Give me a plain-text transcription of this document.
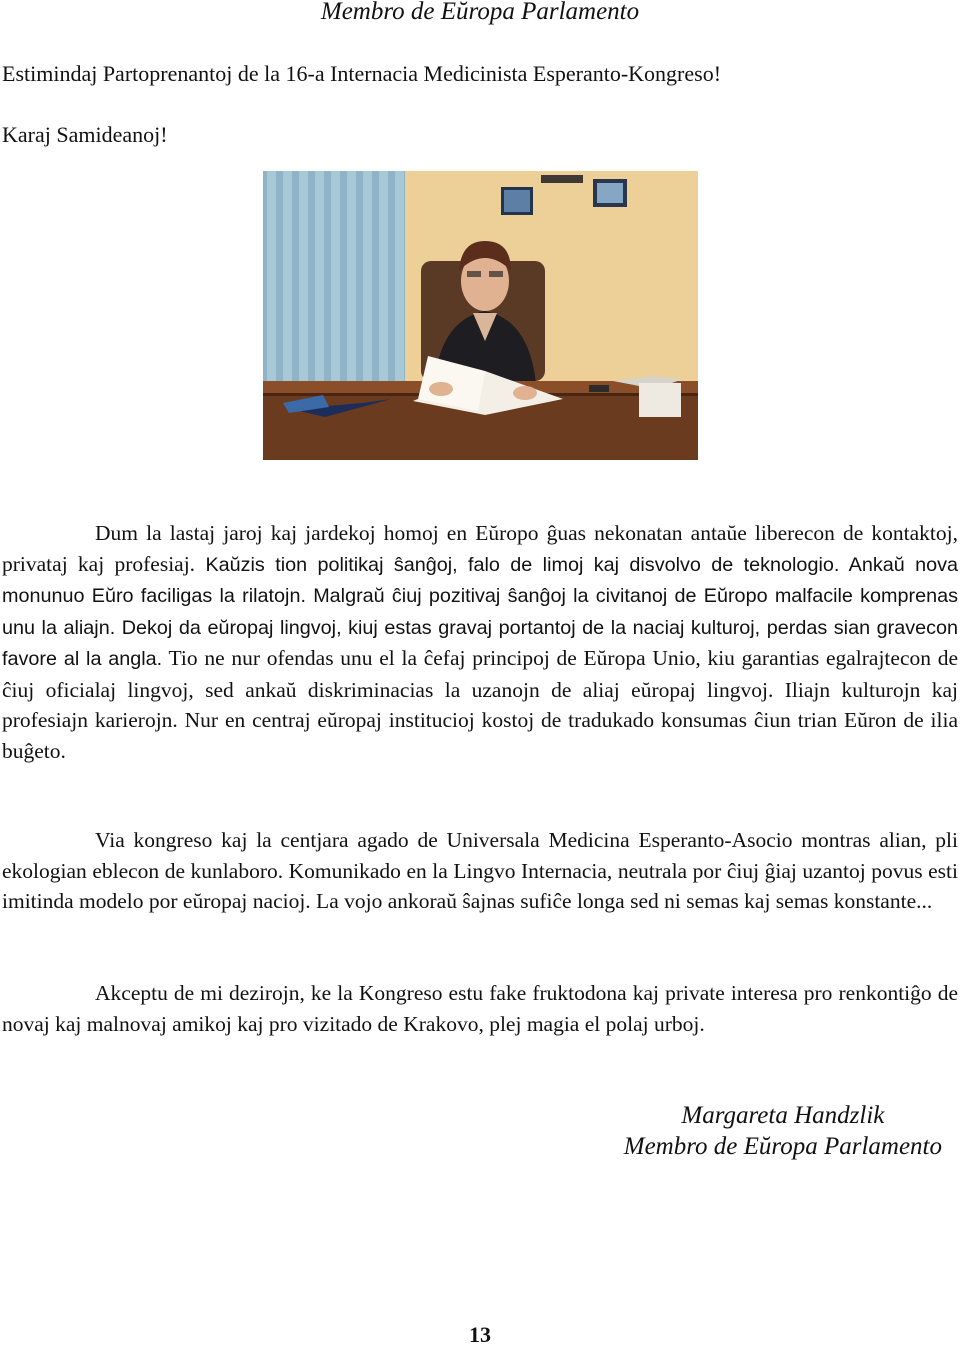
Membro de Eŭropa Parlamento
Estimindaj Partoprenantoj de la 16-a Internacia Medicinista Esperanto-Kongreso!
Karaj Samideanoj!
Dum la lastaj jaroj kaj jardekoj homoj en Eŭropo ĝuas nekonatan antaŭe liberecon de kontaktoj, privataj kaj profesiaj. Kaŭzis tion politikaj ŝanĝoj, falo de limoj kaj disvolvo de teknologio. Ankaŭ nova monunuo Eŭro faciligas la rilatojn. Malgraŭ ĉiuj pozitivaj ŝanĝoj la civitanoj de Eŭropo malfacile komprenas unu la aliajn. Dekoj da eŭropaj lingvoj, kiuj estas gravaj portantoj de la naciaj kulturoj, perdas sian gravecon favore al la angla. Tio ne nur ofendas unu el la ĉefaj principoj de Eŭropa Unio, kiu garantias egalrajtecon de ĉiuj oficialaj lingvoj, sed ankaŭ diskriminacias la uzanojn de aliaj eŭropaj lingvoj. Iliajn kulturojn kaj profesiajn karierojn. Nur en centraj eŭropaj institucioj kostoj de tradukado konsumas ĉiun trian Eŭron de ilia buĝeto.

Via kongreso kaj la centjara agado de Universala Medicina Esperanto-Asocio montras alian, pli ekologian eblecon de kunlaboro. Komunikado en la Lingvo Internacia, neutrala por ĉiuj ĝiaj uzantoj povus esti imitinda modelo por eŭropaj nacioj. La vojo ankoraŭ ŝajnas sufiĉe longa sed ni semas kaj semas konstante...

Akceptu de mi dezirojn, ke la Kongreso estu fake fruktodona kaj private interesa pro renkontiĝo de novaj kaj malnovaj amikoj kaj pro vizitado de Krakovo, plej magia el polaj urboj.

Margareta Handzlik
Membro de Eŭropa Parlamento
13
